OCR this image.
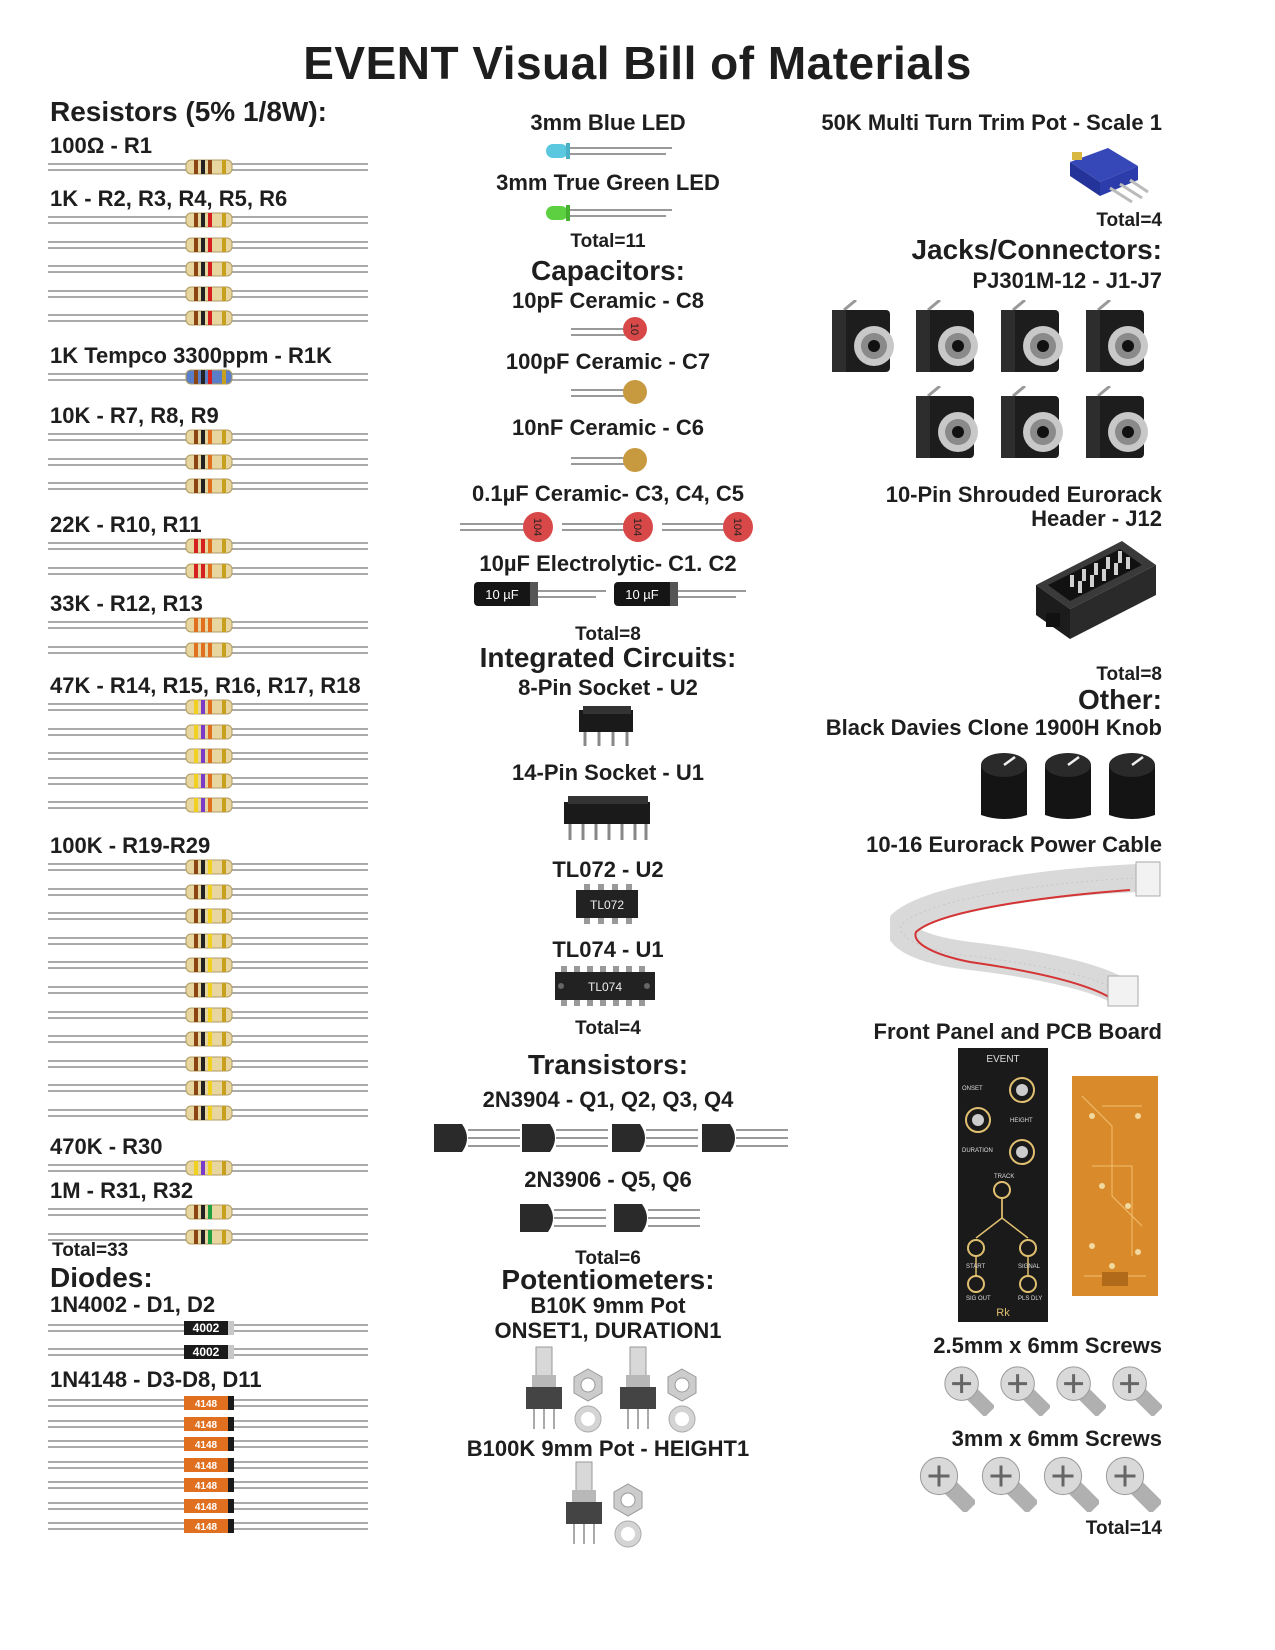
EVENT Visual Bill of Materials
Resistors (5% 1/8W):
100Ω - R1
1K - R2, R3, R4, R5, R6
1K Tempco 3300ppm - R1K
10K - R7, R8, R9
22K - R10, R11
33K - R12, R13
47K - R14, R15, R16, R17, R18
100K - R19-R29
470K - R30
1M - R31, R32
Total=33
Diodes:
1N4002 - D1, D2
4002
4002
1N4148 - D3-D8, D11
4148
4148
4148
4148
4148
4148
4148
3mm Blue LED
3mm True Green LED
Total=11
Capacitors:
10pF Ceramic - C8
10
100pF Ceramic - C7
10nF Ceramic - C6
0.1µF Ceramic- C3, C4, C5
104	104	104
10µF Electrolytic- C1. C2
10 µF	10 µF
Total=8
Integrated Circuits:
8-Pin Socket - U2
14-Pin Socket - U1
TL072 - U2
TL072
TL074 - U1
TL074
Total=4
Transistors:
2N3904 - Q1, Q2, Q3, Q4
2N3906 - Q5, Q6
Total=6
Potentiometers:
B10K 9mm Pot
ONSET1, DURATION1
B100K 9mm Pot - HEIGHT1
50K Multi Turn Trim Pot - Scale 1
Total=4
Jacks/Connectors:
PJ301M-12 - J1-J7
10-Pin Shrouded Eurorack
Header - J12
Total=8
Other:
Black Davies Clone 1900H Knob
10-16 Eurorack Power Cable
Front Panel and PCB Board
EVENT
ONSET
HEIGHT
DURATION
TRACK
START	SIGNAL
SIG OUT	PLS DLY
Rk
2.5mm x 6mm Screws
3mm x 6mm Screws
Total=14
